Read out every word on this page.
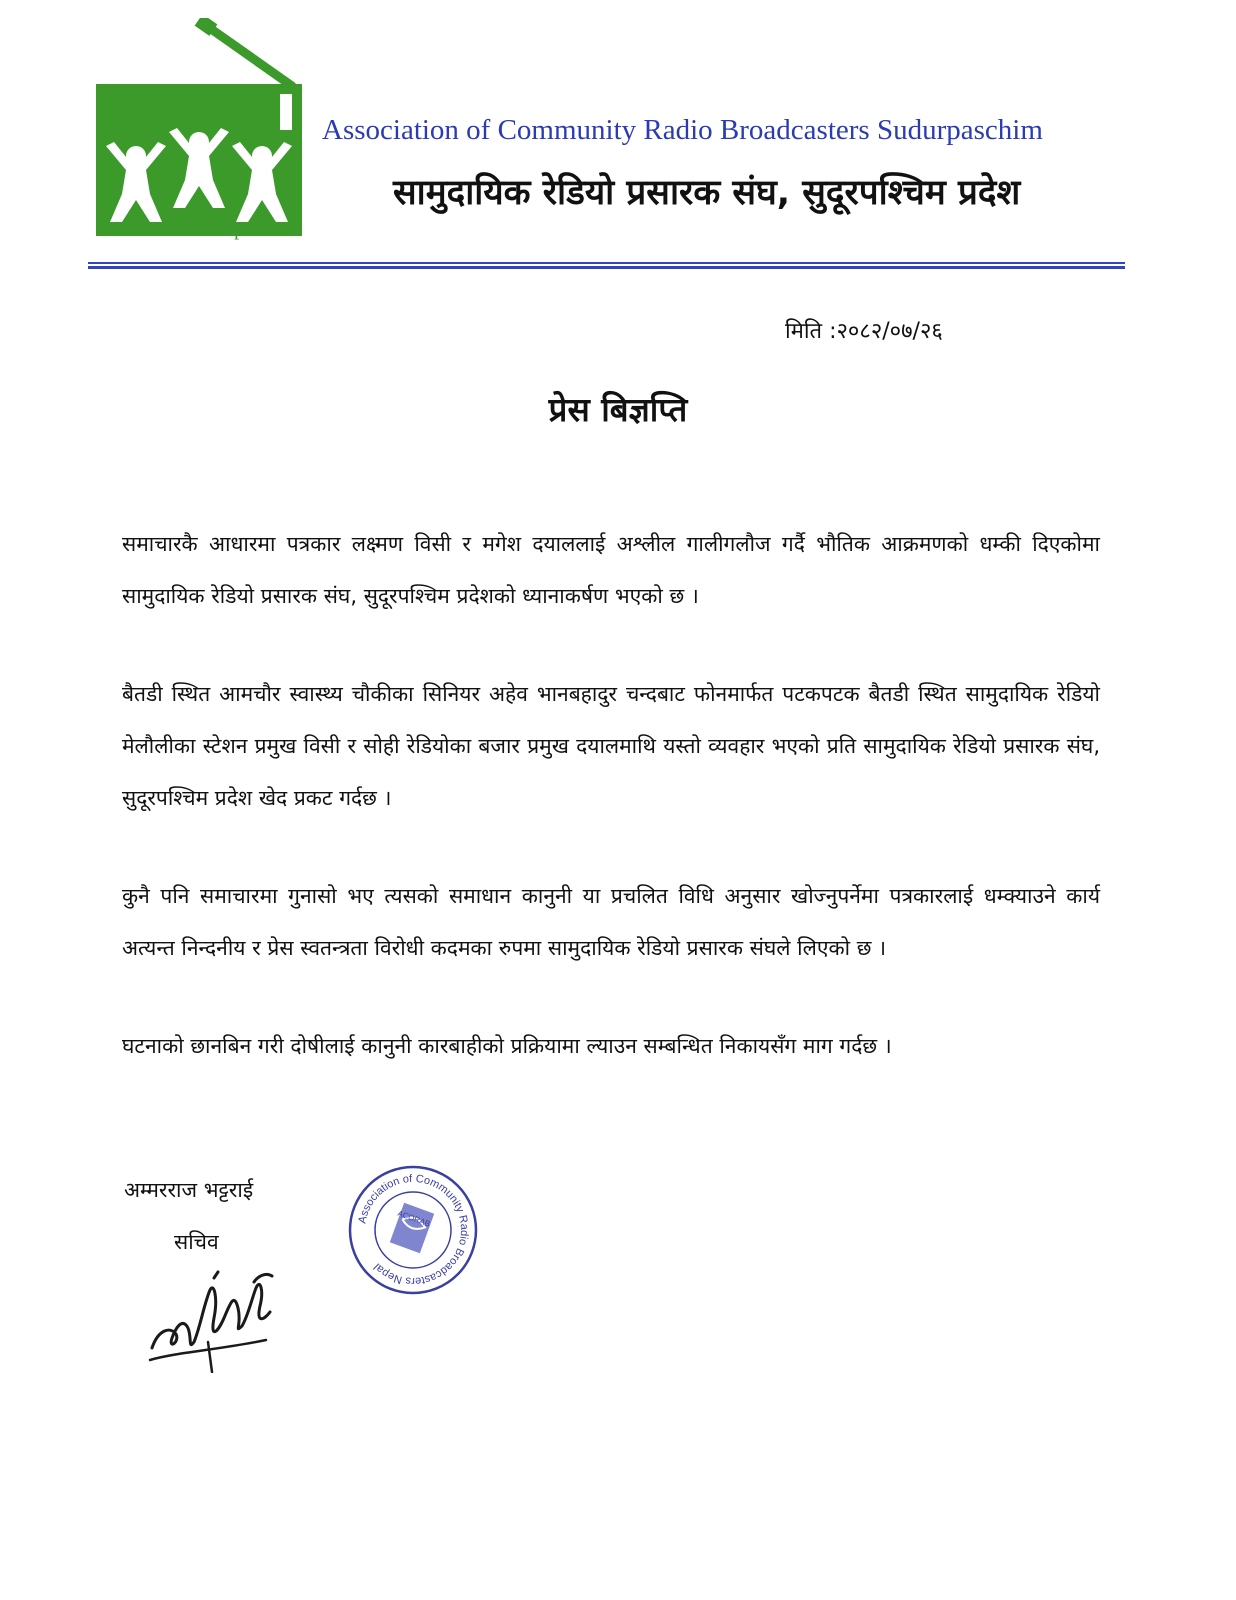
ACORAB Sudurpaschim
Association of Community Radio Broadcasters Sudurpaschim
सामुदायिक रेडियो प्रसारक संघ, सुदूरपश्चिम प्रदेश
मिति :२०८२/०७/२६
प्रेस बिज्ञप्ति

समाचारकै आधारमा पत्रकार लक्ष्मण विसी र मगेश दयाललाई अश्लील गालीगलौज गर्दै भौतिक आक्रमणको धम्की दिएकोमा सामुदायिक रेडियो प्रसारक संघ, सुदूरपश्चिम प्रदेशको ध्यानाकर्षण भएको छ ।

बैतडी स्थित आमचौर स्वास्थ्य चौकीका सिनियर अहेव भानबहादुर चन्दबाट फोनमार्फत पटकपटक बैतडी स्थित सामुदायिक रेडियो मेलौलीका स्टेशन प्रमुख विसी र सोही रेडियोका बजार प्रमुख दयालमाथि यस्तो व्यवहार भएको प्रति सामुदायिक रेडियो प्रसारक संघ, सुदूरपश्चिम प्रदेश खेद प्रकट गर्दछ ।

कुनै पनि समाचारमा गुनासो भए त्यसको समाधान कानुनी या प्रचलित विधि अनुसार खोज्नुपर्नेमा पत्रकारलाई धम्क्याउने कार्य अत्यन्त निन्दनीय र प्रेस स्वतन्त्रता विरोधी कदमका रुपमा सामुदायिक रेडियो प्रसारक संघले लिएको छ ।

घटनाको छानबिन गरी दोषीलाई कानुनी कारबाहीको प्रक्रियामा ल्याउन सम्बन्धित निकायसँग माग गर्दछ ।

अम्मरराज भट्टराई
सचिव
Association of Community Radio Broadcasters Nepal
ACORAB
